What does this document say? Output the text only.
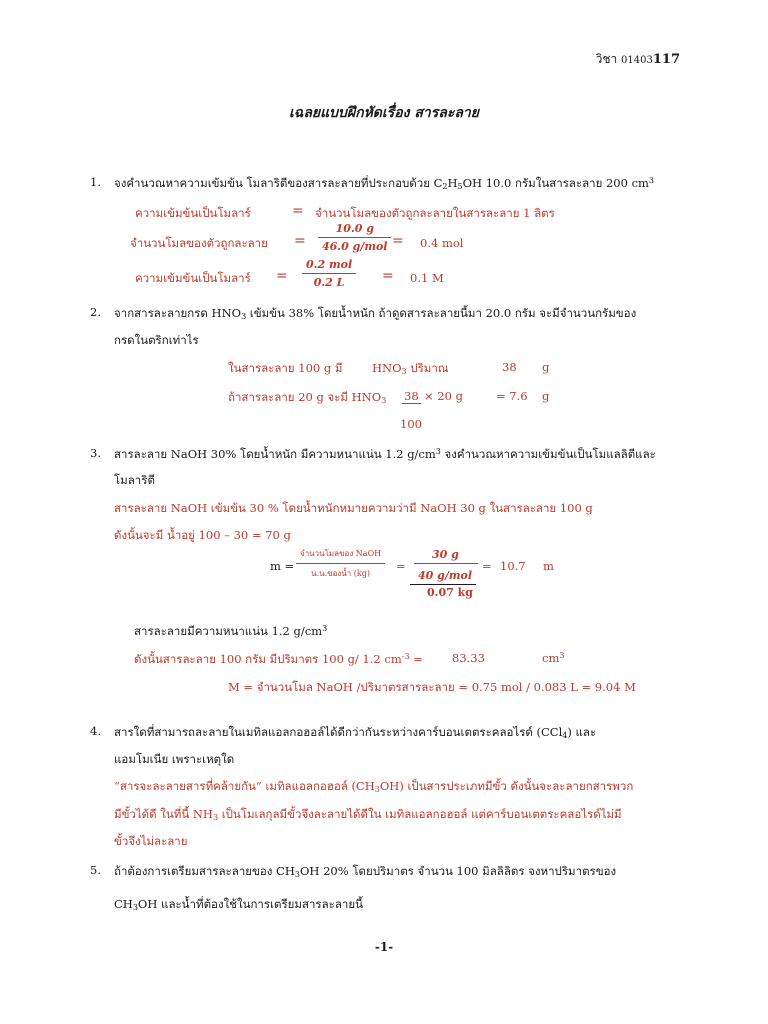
วิชา 01403117
เฉลยแบบฝึกหัดเรื่อง สารละลาย
1. จงคำนวณหาความเข้มข้น โมลาริตีของสารละลายที่ประกอบด้วย $C_2H_5OH$ 10.0 กรัมในสารละลาย 200 $cm^3$
ความเข้มข้นเป็นโมลาร์	= จำนวนโมลของตัวถูกละลายในสารละลาย 1 ลิตร
จำนวนโมลของตัวถูกละลาย = $\frac{10.0 g}{\text{46.0 g/mol}} = 0.4$ mol
ความเข้มข้นเป็นโมลาร์ = $\frac{\text{0.2 mol}}{0.2 L} = 0.1$ M
2. จากสารละลายกรด $HNO_3$ เข้มข้น 38% โดยน้ำหนัก ถ้าดูดสารละลายนี้มา 20.0 กรัม จะมีจำนวนกรัมของ
กรดในตริกเท่าไร
ในสารละลาย 100 g มี	$HNO_3$ ปริมาณ	38 g
ถ้าสารละลาย 20 g จะมี $HNO_3$ 38 × 20 g	= 7.6 g
100
3. สารละลาย NaOH 30% โดยน้ำหนัก มีความหนาแน่น 1.2 $g/cm^3$ จงคำนวณหาความเข้มข้นเป็นโมแลลิตีและ
โมลาริตี
สารละลาย NaOH เข้มข้น 30 % โดยน้ำหนักหมายความว่ามี NaOH 30 g ในสารละลาย 100 g
ดังนั้นจะมี น้ำอยู่ 100 – 30 = 70 g
$m = \frac{\text{จำนวนโมลของ NaOH}}{\text{น.น.ของน้ำ (kg)}}$ =
30 g
40 g/mol
0.07 kg
= 10.7 m
สารละลายมีความหนาแน่น 1.2 $g/cm^3$
ดังนั้นสารละลาย 100 กรัม มีปริมาตร 100 g/ 1.2 $cm^{-3}$ =	83.33	$cm^3$
M = จำนวนโมล NaOH /ปริมาตรสารละลาย = 0.75 mol / 0.083 L = 9.04 M
4. สารใดที่สามารถละลายในเมทิลแอลกอฮอล์ได้ดีกว่ากันระหว่างคาร์บอนเตตระคลอไรด์ (CCl$_4$) และ
แอมโมเนีย เพราะเหตุใด
“สารจะละลายสารที่คล้ายกัน” เมทิลแอลกอฮอล์ $(CH_3OH)$ เป็นสารประเภทมีขั้ว ดังนั้นจะละลายกสารพวก
มีขั้วได้ดี ในที่นี้ $NH_3$ เป็นโมเลกุลมีขั้วจึงละลายได้ดีใน เมทิลแอลกอฮอล์ แต่คาร์บอนเตตระคลอไรด์ไม่มี
ขั้วจึงไม่ละลาย
5. ถ้าต้องการเตรียมสารละลายของ $CH_3OH$ 20% โดยปริมาตร จำนวน 100 มิลลิลิตร จงหาปริมาตรของ
$CH_3OH$ และน้ำที่ต้องใช้ในการเตรียมสารละลายนี้
-1-
